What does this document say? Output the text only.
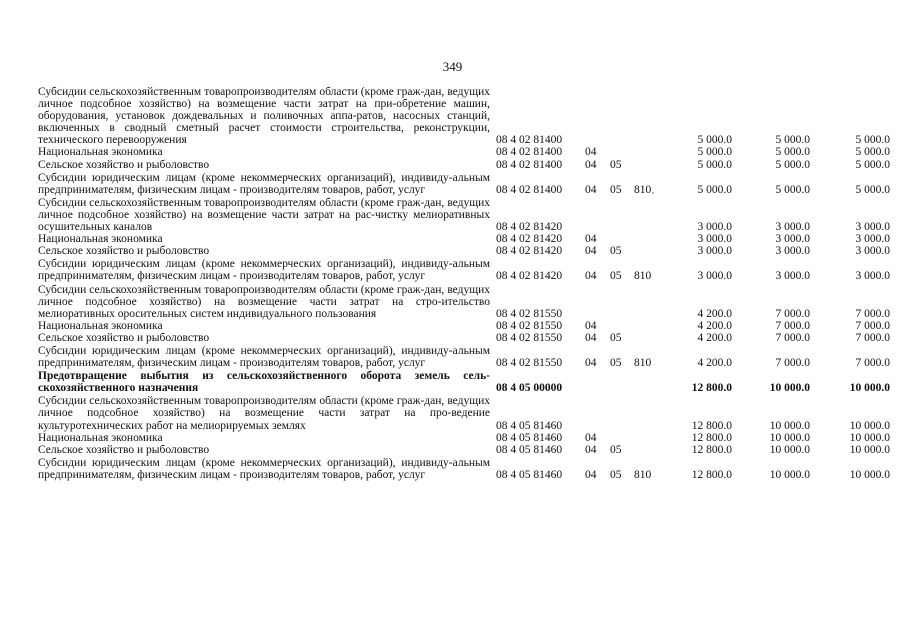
349
Субсидии сельскохозяйственным товаропроизводителям области (кроме граж-дан, ведущих личное подсобное хозяйство) на возмещение части затрат на при-обретение машин, оборудования, установок дождевальных и поливочных аппа-ратов, насосных станций, включенных в сводный сметный расчет стоимости строительства, реконструкции, технического перевооружения	08 4 02 81400				5 000.0	5 000.0	5 000.0
Национальная экономика	08 4 02 81400	04			5 000.0	5 000.0	5 000.0
Сельское хозяйство и рыболовство	08 4 02 81400	04	05		5 000.0	5 000.0	5 000.0
Субсидии юридическим лицам (кроме некоммерческих организаций), индивиду-альным предпринимателям, физическим лицам - производителям товаров, работ, услуг	08 4 02 81400	04	05	810	5 000.0	5 000.0	5 000.0
Субсидии сельскохозяйственным товаропроизводителям области (кроме граж-дан, ведущих личное подсобное хозяйство) на возмещение части затрат на рас-чистку мелиоративных осушительных каналов	08 4 02 81420				3 000.0	3 000.0	3 000.0
Национальная экономика	08 4 02 81420	04			3 000.0	3 000.0	3 000.0
Сельское хозяйство и рыболовство	08 4 02 81420	04	05		3 000.0	3 000.0	3 000.0
Субсидии юридическим лицам (кроме некоммерческих организаций), индивиду-альным предпринимателям, физическим лицам - производителям товаров, работ, услуг	08 4 02 81420	04	05	810	3 000.0	3 000.0	3 000.0
Субсидии сельскохозяйственным товаропроизводителям области (кроме граж-дан, ведущих личное подсобное хозяйство) на возмещение части затрат на стро-ительство мелиоративных оросительных систем индивидуального пользования	08 4 02 81550				4 200.0	7 000.0	7 000.0
Национальная экономика	08 4 02 81550	04			4 200.0	7 000.0	7 000.0
Сельское хозяйство и рыболовство	08 4 02 81550	04	05		4 200.0	7 000.0	7 000.0
Субсидии юридическим лицам (кроме некоммерческих организаций), индивиду-альным предпринимателям, физическим лицам - производителям товаров, работ, услуг	08 4 02 81550	04	05	810	4 200.0	7 000.0	7 000.0
Предотвращение выбытия из сельскохозяйственного оборота земель сель-скохозяйственного назначения	08 4 05 00000				12 800.0	10 000.0	10 000.0
Субсидии сельскохозяйственным товаропроизводителям области (кроме граж-дан, ведущих личное подсобное хозяйство) на возмещение части затрат на про-ведение культуротехнических работ на мелиорируемых землях	08 4 05 81460				12 800.0	10 000.0	10 000.0
Национальная экономика	08 4 05 81460	04			12 800.0	10 000.0	10 000.0
Сельское хозяйство и рыболовство	08 4 05 81460	04	05		12 800.0	10 000.0	10 000.0
Субсидии юридическим лицам (кроме некоммерческих организаций), индивиду-альным предпринимателям, физическим лицам - производителям товаров, работ, услуг	08 4 05 81460	04	05	810	12 800.0	10 000.0	10 000.0
